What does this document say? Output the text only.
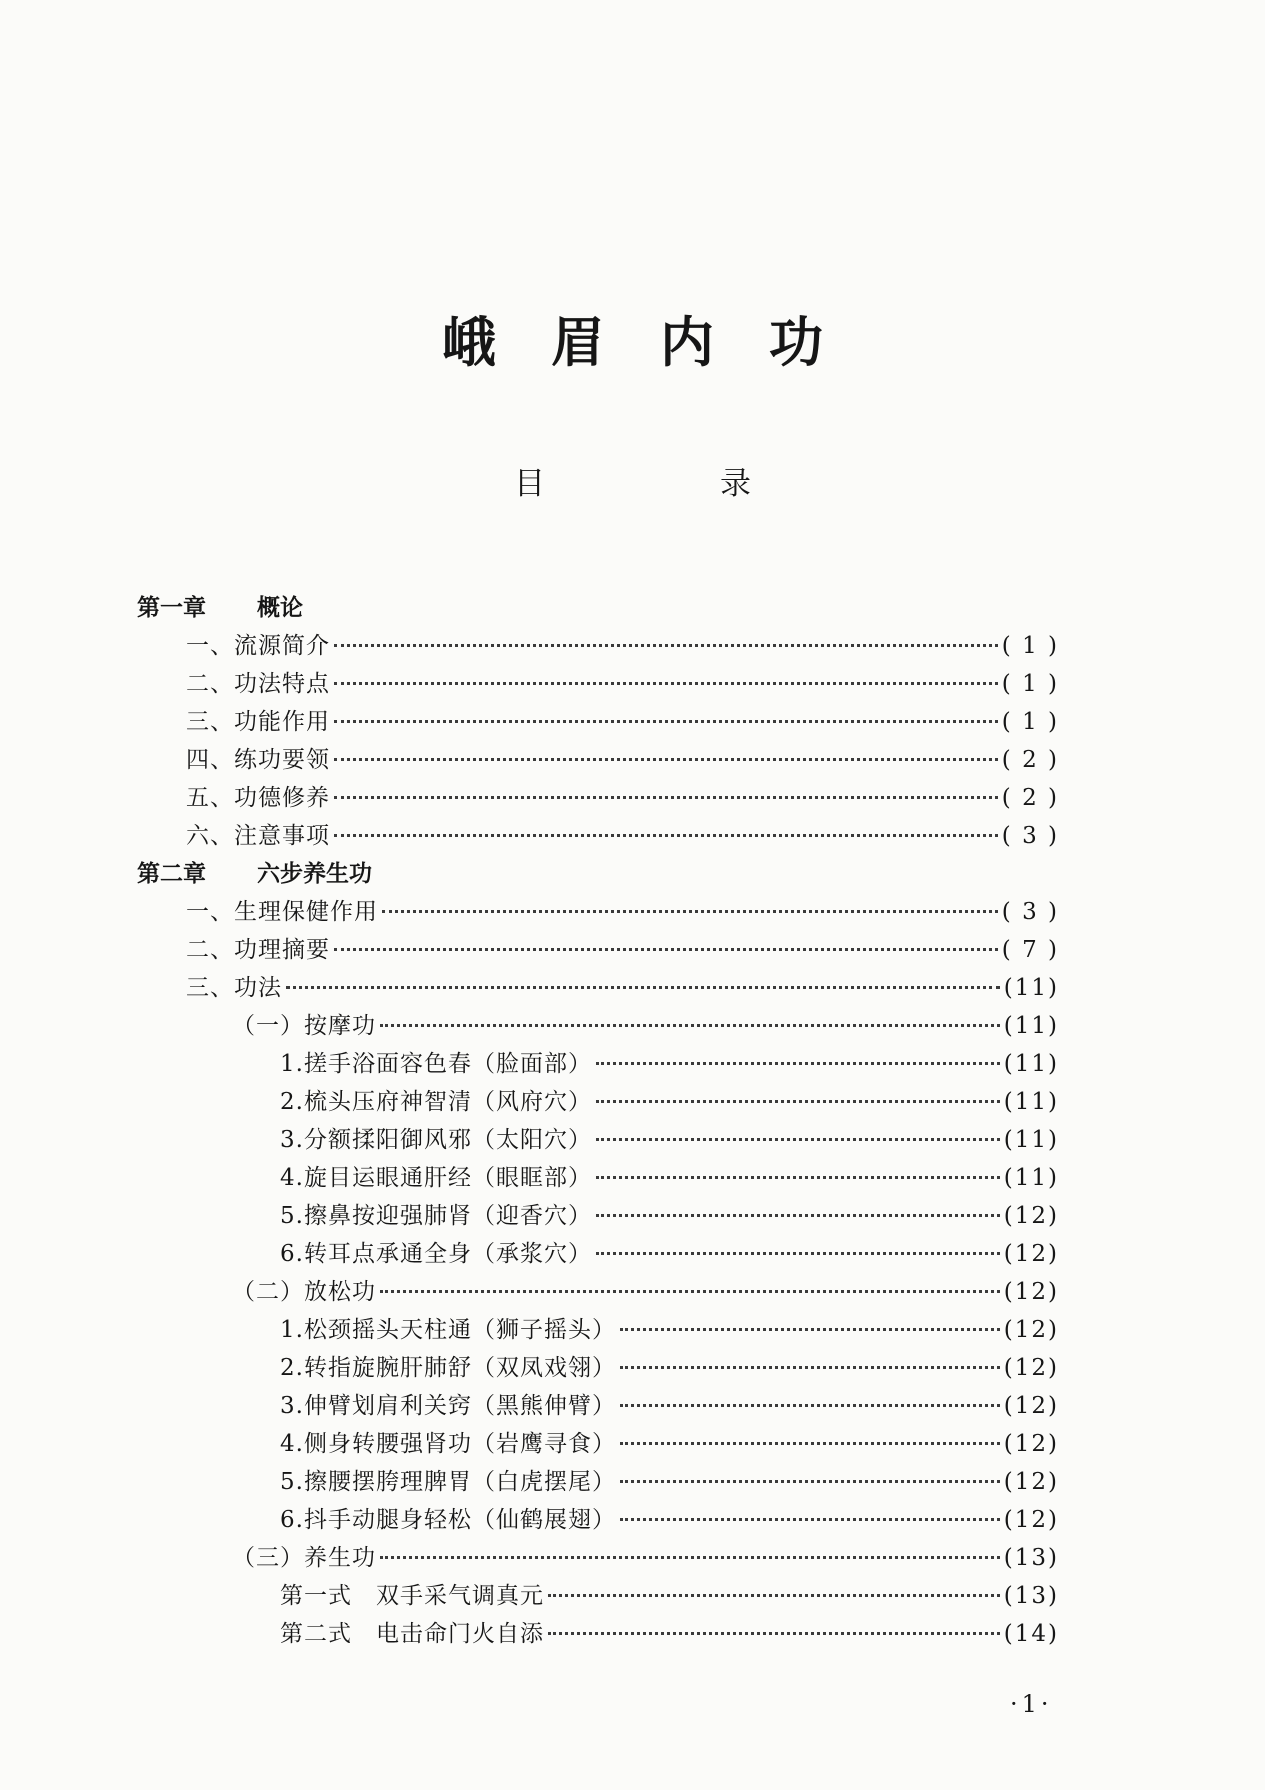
峨眉内功
目　录
第一章	概论
一、流源简介	( 1 )
二、功法特点	( 1 )
三、功能作用	( 1 )
四、练功要领	( 2 )
五、功德修养	( 2 )
六、注意事项	( 3 )
第二章	六步养生功
一、生理保健作用	( 3 )
二、功理摘要	( 7 )
三、功法	(11)
（一）按摩功	(11)
1.搓手浴面容色春（脸面部）	(11)
2.梳头压府神智清（风府穴）	(11)
3.分额揉阳御风邪（太阳穴）	(11)
4.旋目运眼通肝经（眼眶部）	(11)
5.擦鼻按迎强肺肾（迎香穴）	(12)
6.转耳点承通全身（承浆穴）	(12)
（二）放松功	(12)
1.松颈摇头天柱通（狮子摇头）	(12)
2.转指旋腕肝肺舒（双凤戏翎）	(12)
3.伸臂划肩利关窍（黑熊伸臂）	(12)
4.侧身转腰强肾功（岩鹰寻食）	(12)
5.擦腰摆胯理脾胃（白虎摆尾）	(12)
6.抖手动腿身轻松（仙鹤展翅）	(12)
（三）养生功	(13)
第一式　双手采气调真元	(13)
第二式　电击命门火自添	(14)
·1·
